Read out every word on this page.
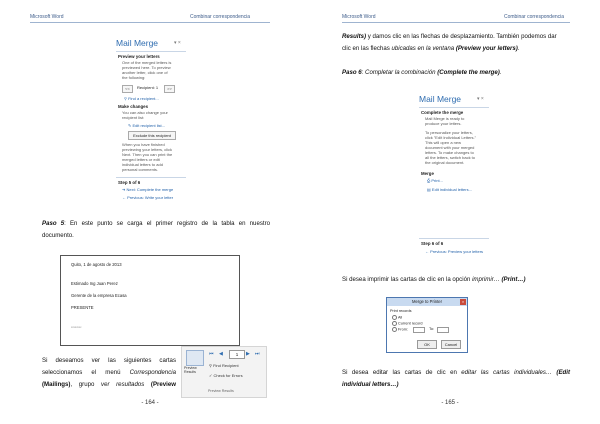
Microsoft Word	Combinar correspondencia
Mail Merge	▾ ×
Preview your letters
One of the merged letters is
previewed here. To preview
another letter, click one of
the following:
<<	Recipient: 1	>>
⚲ Find a recipient...
Make changes
You can also change your
recipient list:
✎ Edit recipient list...
Exclude this recipient
When you have finished
previewing your letters, click
Next. Then you can print the
merged letters or edit
individual letters to add
personal comments.
Step 5 of 6
➜ Next: Complete the merge
← Previous: Write your letter
Paso 5: En este punto se carga el primer registro de la tabla en nuestro
documento.
Quito, 1 de agosto de 2013
Estimado Ing Juan Perez
Gerente de la empresa Ecasa
PRESENTE
xxxxxxxx
Si deseamos ver las siguientes cartas
seleccionamos el menú Correspondencia
(Mailings), grupo ver resultados (Preview
Preview Results
⏮ ◀	1	▶ ⏭
⚲ Find Recipient
✓ Check for Errors
Preview Results
- 164 -
Microsoft Word	Combinar correspondencia
Results) y damos clic en las flechas de desplazamiento. También podemos dar
clic en las flechas ubicadas en la ventana (Preview your letters).
Paso 6: Completar la combinación (Complete the merge).
Mail Merge	▾ ×
Complete the merge
Mail Merge is ready to
produce your letters.
To personalize your letters,
click "Edit Individual Letters."
This will open a new
document with your merged
letters. To make changes to
all the letters, switch back to
the original document.
Merge
⎙ Print...
▤ Edit individual letters...
Step 6 of 6
← Previous: Preview your letters
Si desea imprimir las cartas de clic en la opción imprimir… (Print…)
Merge to Printer	×
Print records
All
Current record
From:	To:
OK	Cancel
Si desea editar las cartas de clic en editar las cartas individuales… (Edit
individual letters…)
- 165 -
